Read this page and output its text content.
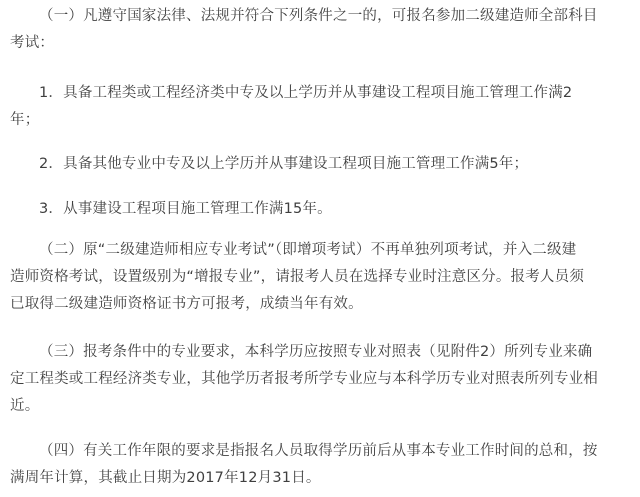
（一）凡遵守国家法律、法规并符合下列条件之一的，可报名参加二级建造师全部科目
考试：
1．具备工程类或工程经济类中专及以上学历并从事建设工程项目施工管理工作满2
年；
2．具备其他专业中专及以上学历并从事建设工程项目施工管理工作满5年；
3．从事建设工程项目施工管理工作满15年。
（二）原“二级建造师相应专业考试”（即增项考试）不再单独列项考试，并入二级建
造师资格考试，设置级别为“增报专业”，请报考人员在选择专业时注意区分。报考人员须
已取得二级建造师资格证书方可报考，成绩当年有效。
（三）报考条件中的专业要求，本科学历应按照专业对照表（见附件2）所列专业来确
定工程类或工程经济类专业，其他学历者报考所学专业应与本科学历专业对照表所列专业相
近。
（四）有关工作年限的要求是指报名人员取得学历前后从事本专业工作时间的总和，按
满周年计算，其截止日期为2017年12月31日。
